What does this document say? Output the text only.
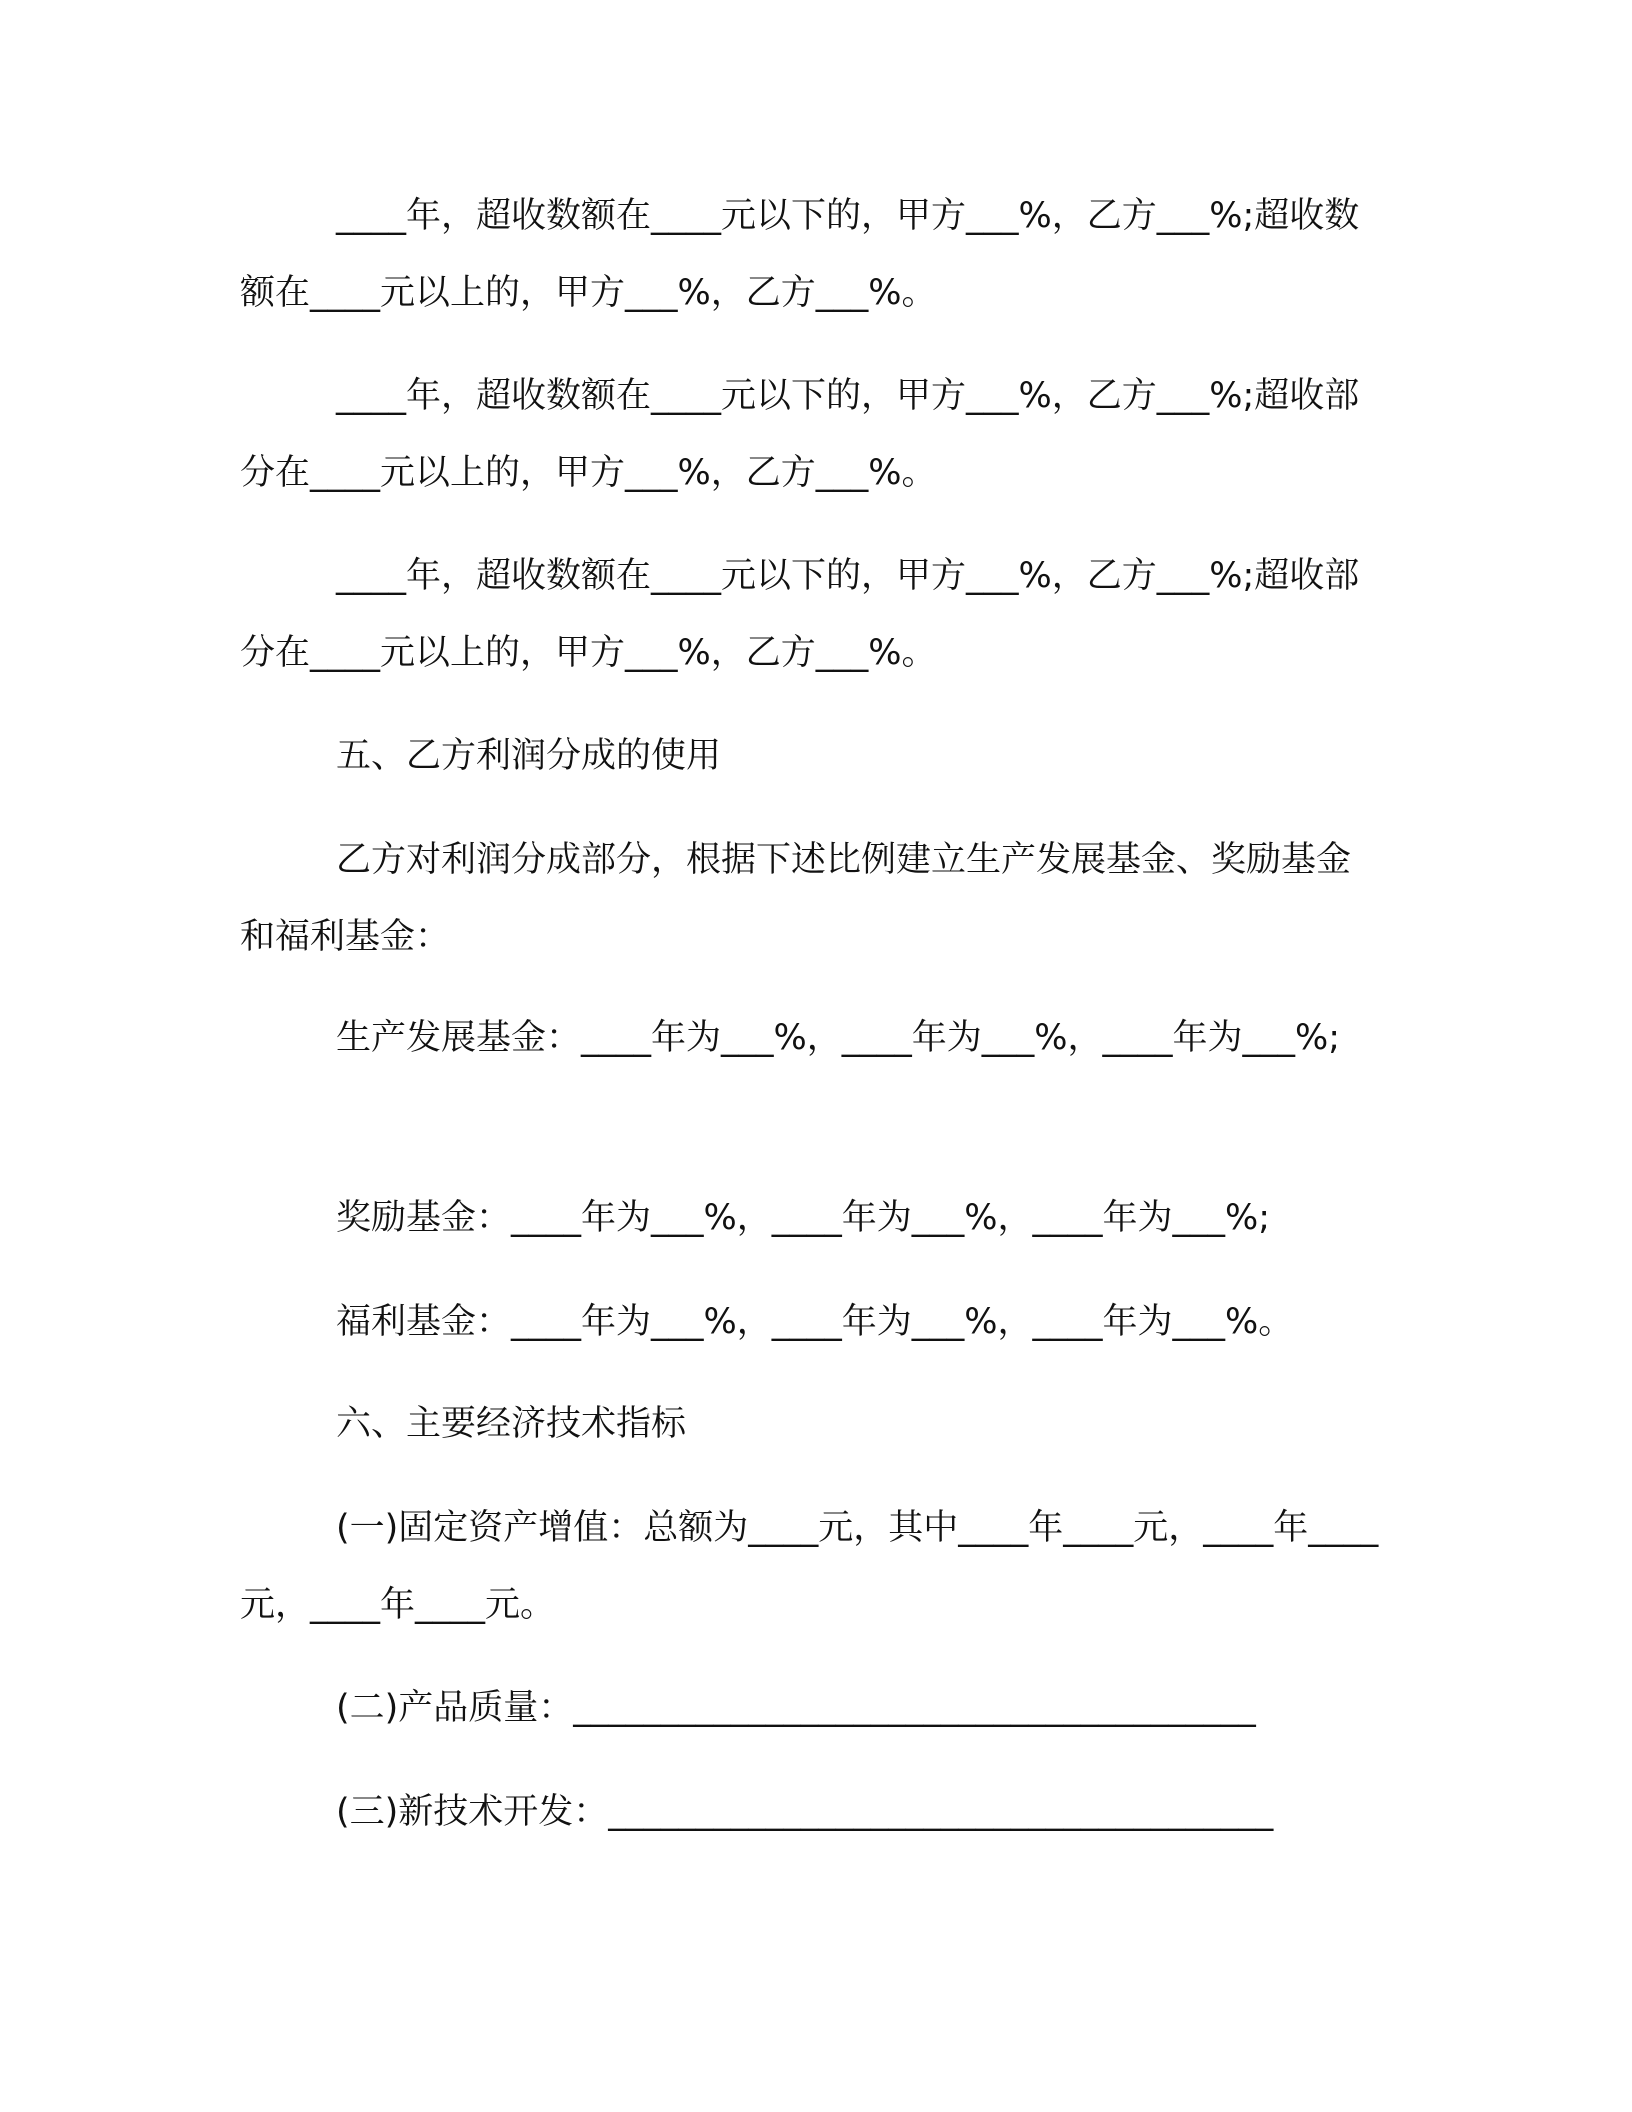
____年，超收数额在____元以下的，甲方___%，乙方___%;超收数额在____元以上的，甲方___%，乙方___%。
____年，超收数额在____元以下的，甲方___%，乙方___%;超收部分在____元以上的，甲方___%，乙方___%。
____年，超收数额在____元以下的，甲方___%，乙方___%;超收部分在____元以上的，甲方___%，乙方___%。
五、乙方利润分成的使用
乙方对利润分成部分，根据下述比例建立生产发展基金、奖励基金和福利基金：
生产发展基金：____年为___%，____年为___%，____年为___%;
奖励基金：____年为___%，____年为___%，____年为___%;
福利基金：____年为___%，____年为___%，____年为___%。
六、主要经济技术指标
(一)固定资产增值：总额为____元，其中____年____元，____年____元，____年____元。
(二)产品质量：_______________________________________
(三)新技术开发：______________________________________
